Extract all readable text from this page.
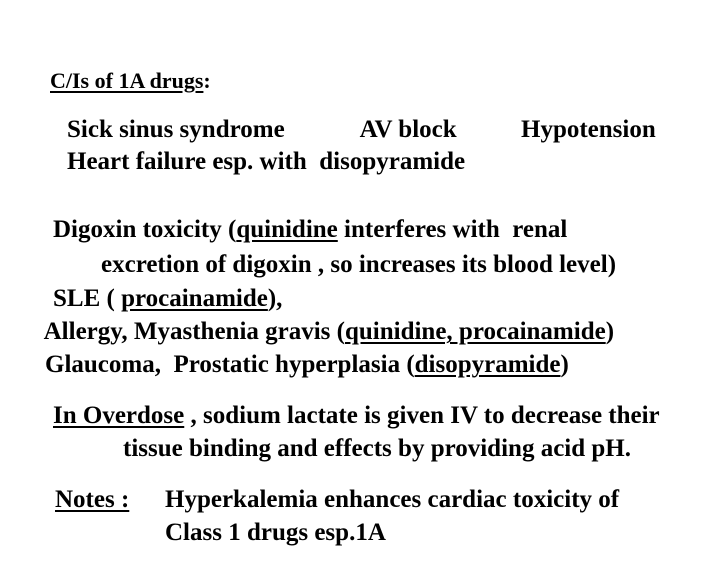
C/Is of 1A drugs:

Sick sinus syndrome
	AV block
	Hypotension

Heart failure esp. with  disopyramide

Digoxin toxicity (quinidine interferes with  renal

excretion of digoxin , so increases its blood level)

SLE ( procainamide),

Allergy, Myasthenia gravis (quinidine, procainamide)

Glaucoma,  Prostatic hyperplasia (disopyramide)

In Overdose , sodium lactate is given IV to decrease their

tissue binding and effects by providing acid pH.

Notes :
	Hyperkalemia enhances cardiac toxicity of

Class 1 drugs esp.1A
